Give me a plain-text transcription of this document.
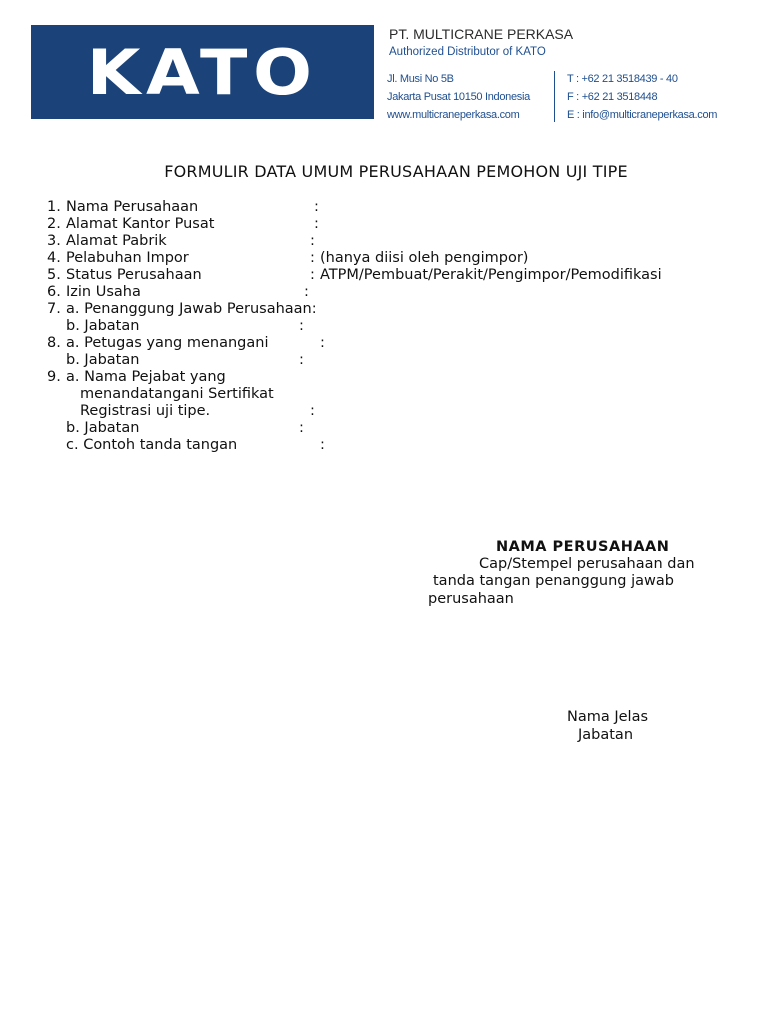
KATO
PT. MULTICRANE PERKASA
Authorized Distributor of KATO
Jl. Musi No 5B
Jakarta Pusat 10150 Indonesia
www.multicraneperkasa.com
T : +62 21 3518439 - 40
F : +62 21 3518448
E : info@multicraneperkasa.com
FORMULIR DATA UMUM PERUSAHAAN PEMOHON UJI TIPE
1. Nama Perusahaan	:
2. Alamat Kantor Pusat	:
3. Alamat Pabrik	:
4. Pelabuhan Impor	: (hanya diisi oleh pengimpor)
5. Status Perusahaan	: ATPM/Pembuat/Perakit/Pengimpor/Pemodifikasi
6. Izin Usaha	:
7. a. Penanggung Jawab Perusahaan:
b. Jabatan	:
8. a. Petugas yang menangani	:
b. Jabatan	:
9. a. Nama Pejabat yang
menandatangani Sertifikat
Registrasi uji tipe.	:
b. Jabatan	:
c. Contoh tanda tangan	:
NAMA PERUSAHAAN
Cap/Stempel perusahaan dan
tanda tangan penanggung jawab
perusahaan
Nama Jelas
Jabatan
